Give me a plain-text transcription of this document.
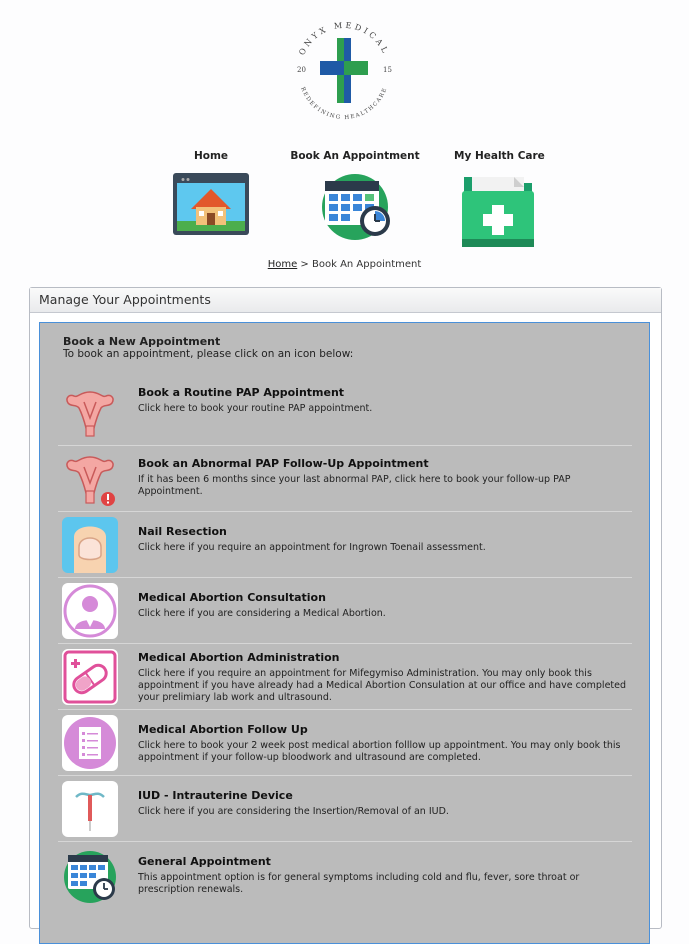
ONYX MEDICAL
REDEFINING HEALTHCARE
20	15
Home	Book An Appointment	My Health Care
Home > Book An Appointment
Manage Your Appointments
Book a New Appointment
To book an appointment, please click on an icon below:
Book a Routine PAP Appointment
Click here to book your routine PAP appointment.
Book an Abnormal PAP Follow-Up Appointment
If it has been 6 months since your last abnormal PAP, click here to book your follow-up PAP Appointment.
Nail Resection
Click here if you require an appointment for Ingrown Toenail assessment.
Medical Abortion Consultation
Click here if you are considering a Medical Abortion.
Medical Abortion Administration
Click here if you require an appointment for Mifegymiso Administration. You may only book this appointment if you have already had a Medical Abortion Consulation at our office and have completed your prelimiary lab work and ultrasound.
Medical Abortion Follow Up
Click here to book your 2 week post medical abortion folllow up appointment. You may only book this appointment if your follow-up bloodwork and ultrasound are completed.
IUD - Intrauterine Device
Click here if you are considering the Insertion/Removal of an IUD.
General Appointment
This appointment option is for general symptoms including cold and flu, fever, sore throat or prescription renewals.
